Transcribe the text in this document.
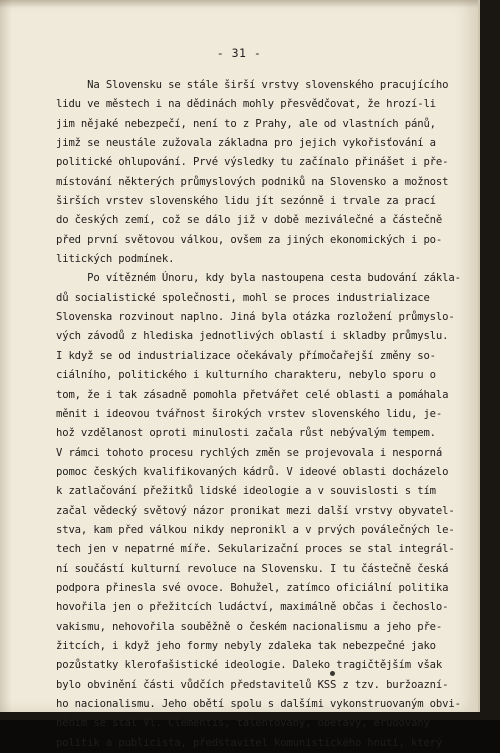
- 31 -
Na Slovensku se stále širší vrstvy slovenského pracujícího
lidu ve městech i na dědinách mohly přesvědčovat, že hrozí-li
jim nějaké nebezpečí, není to z Prahy, ale od vlastních pánů,
jimž se neustále zužovala základna pro jejich vykořisťování a
politické ohlupování. Prvé výsledky tu začínalo přinášet i pře-
místování některých průmyslových podniků na Slovensko a možnost
širších vrstev slovenského lidu jít sezónně i trvale za prací
do českých zemí, což se dálo již v době meziválečné a částečně
před první světovou válkou, ovšem za jiných ekonomických i po-
litických podmínek.
Po vítězném Únoru, kdy byla nastoupena cesta budování zákla-
dů socialistické společnosti, mohl se proces industrializace
Slovenska rozvinout naplno. Jiná byla otázka rozložení průmyslo-
vých závodů z hlediska jednotlivých oblastí i skladby průmyslu.
I když se od industrializace očekávaly přímočařejší změny so-
ciálního, politického i kulturního charakteru, nebylo sporu o
tom, že i tak zásadně pomohla přetvářet celé oblasti a pomáhala
měnit i ideovou tvářnost širokých vrstev slovenského lidu, je-
hož vzdělanost oproti minulosti začala růst nebývalým tempem.
V rámci tohoto procesu rychlých změn se projevovala i nesporná
pomoc českých kvalifikovaných kádrů. V ideové oblasti docházelo
k zatlačování přežitků lidské ideologie a v souvislosti s tím
začal vědecký světový názor pronikat mezi další vrstvy obyvatel-
stva, kam před válkou nikdy nepronikl a v prvých poválečných le-
tech jen v nepatrné míře. Sekularizační proces se stal integrál-
ní součástí kulturní revoluce na Slovensku. I tu částečně česká
podpora přinesla své ovoce. Bohužel, zatímco oficiální politika
hovořila jen o přežitcích ludáctví, maximálně občas i čechoslo-
vakismu, nehovořila souběžně o českém nacionalismu a jeho pře-
žitcích, i když jeho formy nebyly zdaleka tak nebezpečné jako
pozůstatky klerofašistické ideologie. Daleko tragičtějším však
bylo obvinění části vůdčích představitelů KSS z tzv. buržoazní-
ho nacionalismu. Jeho obětí spolu s dalšími vykonstruovaným obvi-
něním se stal Vl. Clementis, talentovaný, obětavý, erudovaný
politik a publicista, představitel komunistického hnutí, který
